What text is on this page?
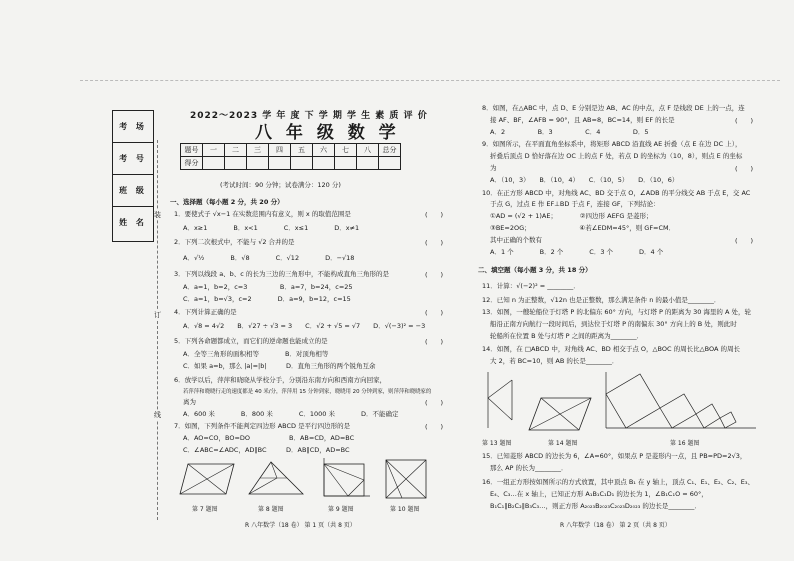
考 场
考 号
班 级
姓 名
装
订
线
2022～2023 学 年 度 下 学 期 学 生 素 质 评 价
八 年 级 数 学
题号	一	二	三	四	五	六	七	八	总分
得分									
(考试时间：90 分钟；试卷满分：120 分)
一、选择题（每小题 2 分，共 20 分）
1．要使式子 √x−1 在实数范围内有意义，则 x 的取值范围是
A．x≥1　　　　B．x<1　　　　C．x≤1　　　　D．x≠1
2．下列二次根式中，不能与 √2 合并的是
A．√½　　　　B．√8　　　　C．√12　　　　D．−√18
3．下列以线段 a、b、c 的长为三边的三角形中，不能构成直角三角形的是
A．a=1，b=2，c=3　　　　　B．a=7，b=24，c=25
C．a=1，b=√3，c=2　　　　D．a=9，b=12，c=15
4．下列计算正确的是
A．√8 = 4√2　　B．√27 ÷ √3 = 3　　C．√2 + √5 = √7　　D．√(−3)² = −3
5．下列各命题都成立，而它们的逆命题也能成立的是
A．全等三角形的面积相等　　　　B．对顶角相等
C．如果 a=b，那么 |a|=|b|　　　D．直角三角形的两个锐角互余
6．放学以后，萍萍和晓晓从学校分手，分别沿东南方向和西南方向回家，
若萍萍和晓晓行走的速度都是 40 米/分，萍萍用 15 分钟到家，晓晓用 20 分钟到家，则萍萍和晓晓家的
离为
A．600 米　　　　B．800 米　　　　C．1000 米　　　　D．不能确定
7．如图，下列条件不能判定四边形 ABCD 是平行四边形的是
A．AO=CO，BO=DO　　　　　　B．AB=CD，AD=BC
C．∠ABC=∠ADC，AD∥BC　　　D．AB∥CD，AD=BC
(　　)
(　　)
(　　)
(　　)
(　　)
(　　)
(　　)
第 7 题图	第 8 题图	第 9 题图	第 10 题图
R 八年数学（18 卷） 第 1 页（共 8 页）
8．如图，在△ABC 中，点 D、E 分别是边 AB、AC 的中点，点 F 是线段 DE 上的一点，连
接 AF、BF，∠AFB = 90°，且 AB=8，BC=14，则 EF 的长是
A．2　　　　　B．3　　　　　C．4　　　　　D．5
9．如图所示，在平面直角坐标系中，将矩形 ABCD 沿直线 AE 折叠（点 E 在边 DC 上），
折叠后顶点 D 恰好落在边 OC 上的点 F 处，若点 D 的坐标为（10，8），则点 E 的坐标
为
A．（10，3）　　B．（10，4）　　C．（10，5）　　D．（10，6）
10．在正方形 ABCD 中，对角线 AC、BD 交于点 O，∠ADB 的平分线交 AB 于点 E，交 AC
于点 G，过点 E 作 EF⊥BD 于点 F，连接 GF，下列结论：
①AD = (√2 + 1)AE；　　　　②四边形 AEFG 是菱形；
③BE=2OG；　　　　　　　　④若∠EDM=45°，则 GF=CM．
其中正确的个数有
A．1 个　　　　B．2 个　　　　C．3 个　　　　D．4 个
二、填空题（每小题 3 分，共 18 分）
11．计算：√(−2)² = ________．
12．已知 n 为正整数，√12n 也是正整数，那么满足条件 n 的最小值是________．
13．如图，一艘轮船位于灯塔 P 的北偏东 60° 方向，与灯塔 P 的距离为 30 海里的 A 处，轮
船沿正南方向航行一段时间后，到达位于灯塔 P 的南偏东 30° 方向上的 B 处，则此时
轮船所在位置 B 处与灯塔 P 之间的距离为________．
14．如图，在 □ABCD 中，对角线 AC、BD 相交于点 O，△BOC 的周长比△BOA 的周长
大 2，若 BC=10，则 AB 的长是________．
(　　)
(　　)
(　　)
第 13 题图	第 14 题图	第 16 题图
15．已知菱形 ABCD 的边长为 6，∠A=60°，如果点 P 是菱形内一点，且 PB=PD=2√3，
那么 AP 的长为________．
16．一组正方形按如图所示的方式放置，其中顶点 B₁ 在 y 轴上，顶点 C₁、E₁、E₂、C₂、E₃、
E₄、C₃…在 x 轴上，已知正方形 A₁B₁C₁D₁ 的边长为 1，∠B₁C₁O = 60°，
B₁C₁∥B₂C₂∥B₃C₃…，则正方形 A₂₀₂₃B₂₀₂₃C₂₀₂₃D₂₀₂₃ 的边长是________．
R 八年数学（18 卷） 第 2 页（共 8 页）
